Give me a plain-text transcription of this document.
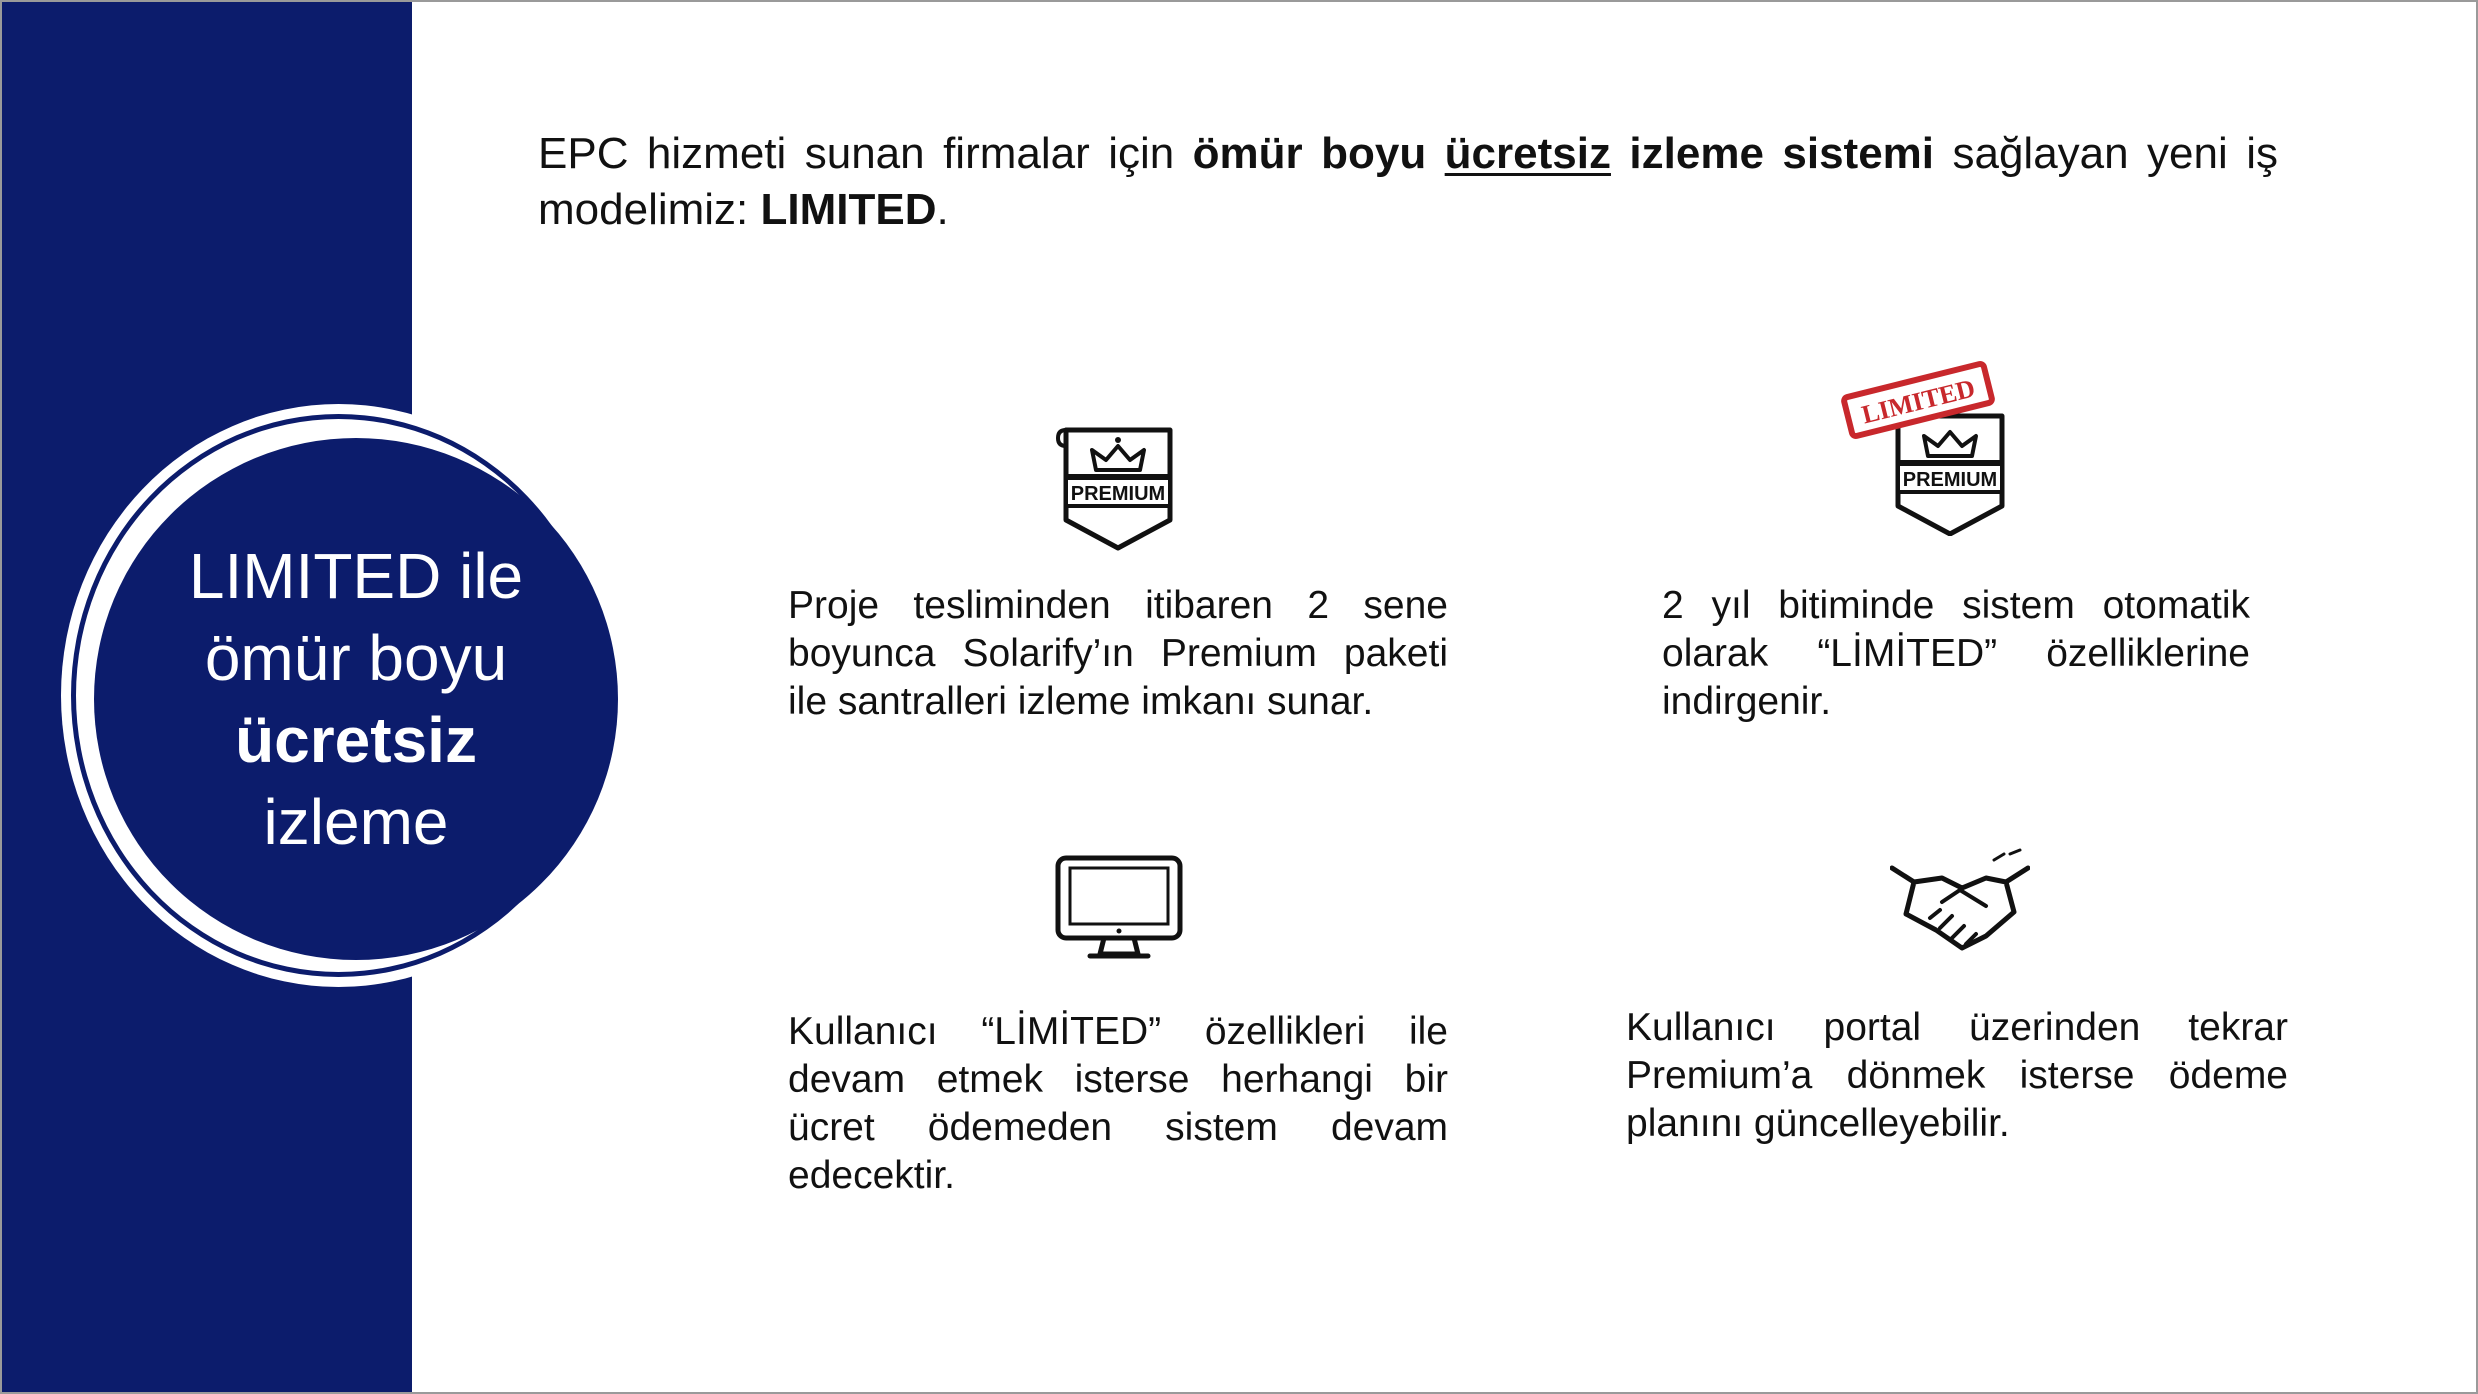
LIMITED ile
ömür boyu
ücretsiz
izleme
EPC hizmeti sunan firmalar için ömür boyu ücretsiz izleme sistemi sağlayan yeni iş modelimiz: LIMITED.
PREMIUM
PREMIUM
LIMITED
Proje tesliminden itibaren 2 sene boyunca Solarify’ın Premium paketi ile santralleri izleme imkanı sunar.
2 yıl bitiminde sistem otomatik olarak “LİMİTED” özelliklerine indirgenir.
Kullanıcı “LİMİTED” özellikleri ile devam etmek isterse herhangi bir ücret ödemeden sistem devam edecektir.
Kullanıcı portal üzerinden tekrar Premium’a dönmek isterse ödeme planını güncelleyebilir.
